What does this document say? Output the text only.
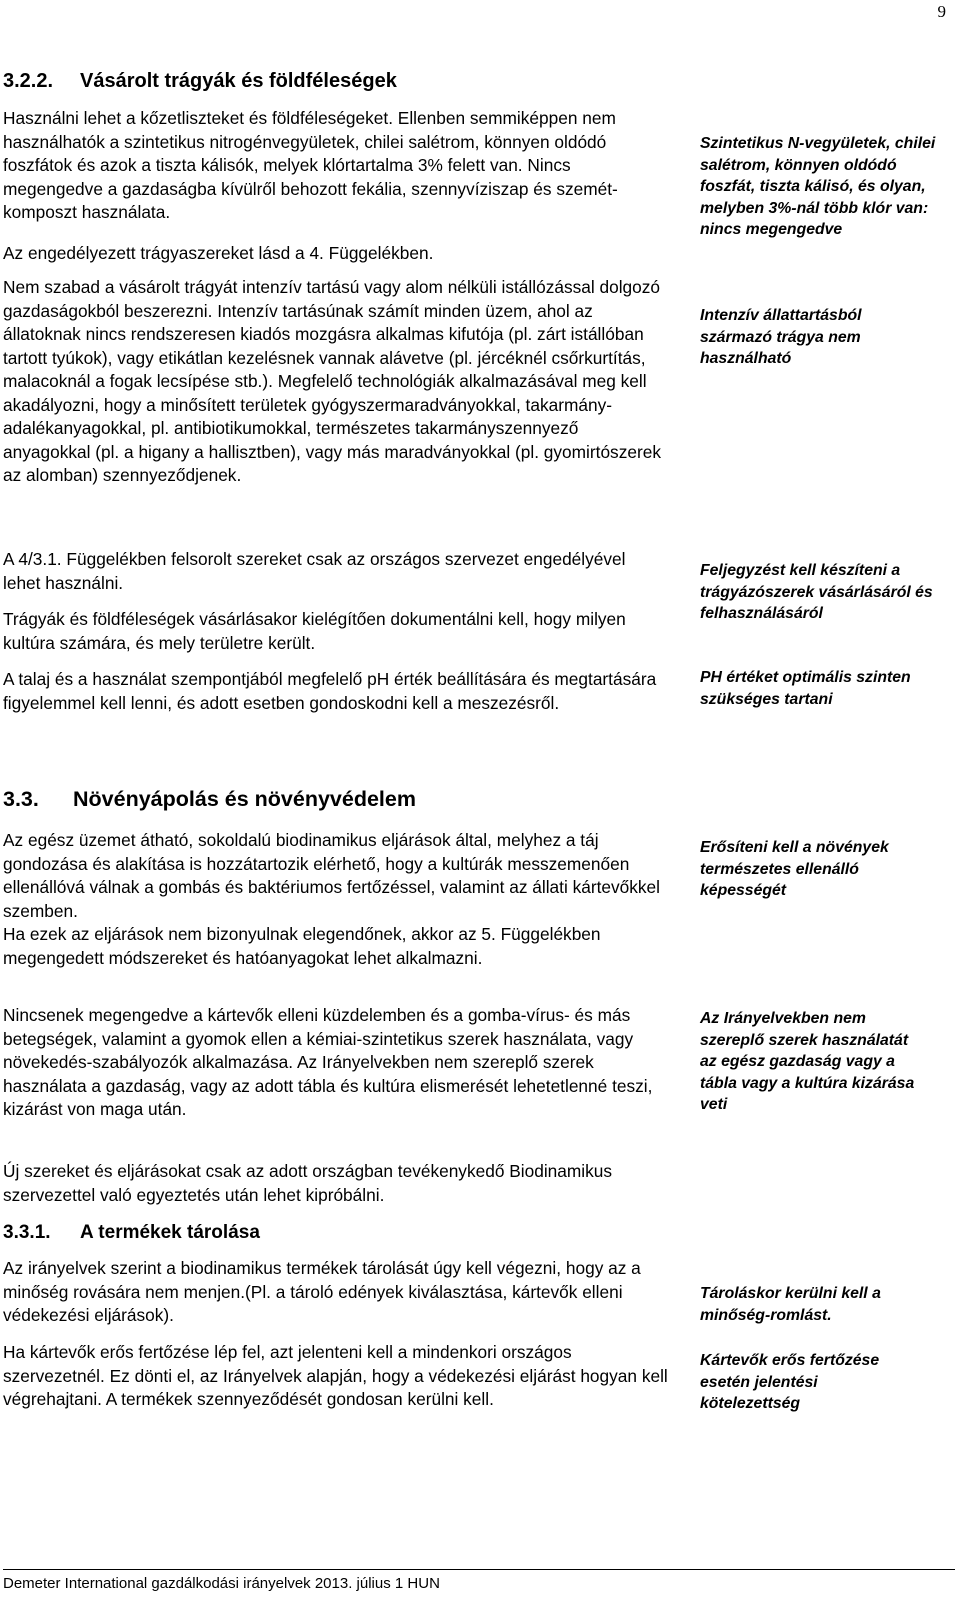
9
3.2.2. Vásárolt trágyák és földféleségek

Használni lehet a kőzetliszteket és földféleségeket. Ellenben semmiképpen nem használhatók a szintetikus nitrogénvegyületek, chilei salétrom, könnyen oldódó foszfátok és azok a tiszta kálisók, melyek klórtartalma 3% felett van. Nincs megengedve a gazdaságba kívülről behozott fekália, szennyvíziszap és szemét-komposzt használata.

Az engedélyezett trágyaszereket lásd a 4. Függelékben.

Nem szabad a vásárolt trágyát intenzív tartású vagy alom nélküli istállózással dolgozó gazdaságokból beszerezni. Intenzív tartásúnak számít minden üzem, ahol az állatoknak nincs rendszeresen kiadós mozgásra alkalmas kifutója (pl. zárt istállóban tartott tyúkok), vagy etikátlan kezelésnek vannak alávetve (pl. jércéknél csőrkurtítás, malacoknál a fogak lecsípése stb.). Megfelelő technológiák alkalmazásával meg kell akadályozni, hogy a minősített területek gyógyszermaradványokkal, takarmány- adalékanyagokkal, pl. antibiotikumokkal, természetes takarmányszennyező anyagokkal (pl. a higany a hallisztben), vagy más maradványokkal (pl. gyomirtószerek az alomban) szennyeződjenek.

A 4/3.1. Függelékben felsorolt szereket csak az országos szervezet engedélyével lehet használni.

Trágyák és földféleségek vásárlásakor kielégítően dokumentálni kell, hogy milyen kultúra számára, és mely területre került.

A talaj és a használat szempontjából megfelelő pH érték beállítására és megtartására figyelemmel kell lenni, és adott esetben gondoskodni kell a meszezésről.

Szintetikus N-vegyületek, chilei salétrom, könnyen oldódó foszfát, tiszta kálisó, és olyan, melyben 3%-nál több klór van: nincs megengedve

Intenzív állattartásból származó trágya nem használható

Feljegyzést kell készíteni a trágyázószerek vásárlásáról és felhasználásáról

PH értéket optimális szinten szükséges tartani

3.3. Növényápolás és növényvédelem

Az egész üzemet átható, sokoldalú biodinamikus eljárások által, melyhez a táj gondozása és alakítása is hozzátartozik elérhető, hogy a kultúrák messzemenően ellenállóvá válnak a gombás és baktériumos fertőzéssel, valamint az állati kártevőkkel szemben.

Ha ezek az eljárások nem bizonyulnak elegendőnek, akkor az 5. Függelékben megengedett módszereket és hatóanyagokat lehet alkalmazni.

Nincsenek megengedve a kártevők elleni küzdelemben és a gomba-vírus- és más betegségek, valamint a gyomok ellen a kémiai-szintetikus szerek használata, vagy növekedés-szabályozók alkalmazása. Az Irányelvekben nem szereplő szerek használata a gazdaság, vagy az adott tábla és kultúra elismerését lehetetlenné teszi, kizárást von maga után.

Új szereket és eljárásokat csak az adott országban tevékenykedő Biodinamikus szervezettel való egyeztetés után lehet kipróbálni.

Erősíteni kell a növények természetes ellenálló képességét

Az Irányelvekben nem szereplő szerek használatát az egész gazdaság vagy a tábla vagy a kultúra kizárása veti

3.3.1. A termékek tárolása

Az irányelvek szerint a biodinamikus termékek tárolását úgy kell végezni, hogy az a minőség rovására nem menjen.(Pl. a tároló edények kiválasztása, kártevők elleni védekezési eljárások).

Ha kártevők erős fertőzése lép fel, azt jelenteni kell a mindenkori országos szervezetnél. Ez dönti el, az Irányelvek alapján, hogy a védekezési eljárást hogyan kell végrehajtani. A termékek szennyeződését gondosan kerülni kell.

Tároláskor kerülni kell a minőség-romlást.

Kártevők erős fertőzése esetén jelentési kötelezettség

Demeter International gazdálkodási irányelvek 2013. július 1 HUN
